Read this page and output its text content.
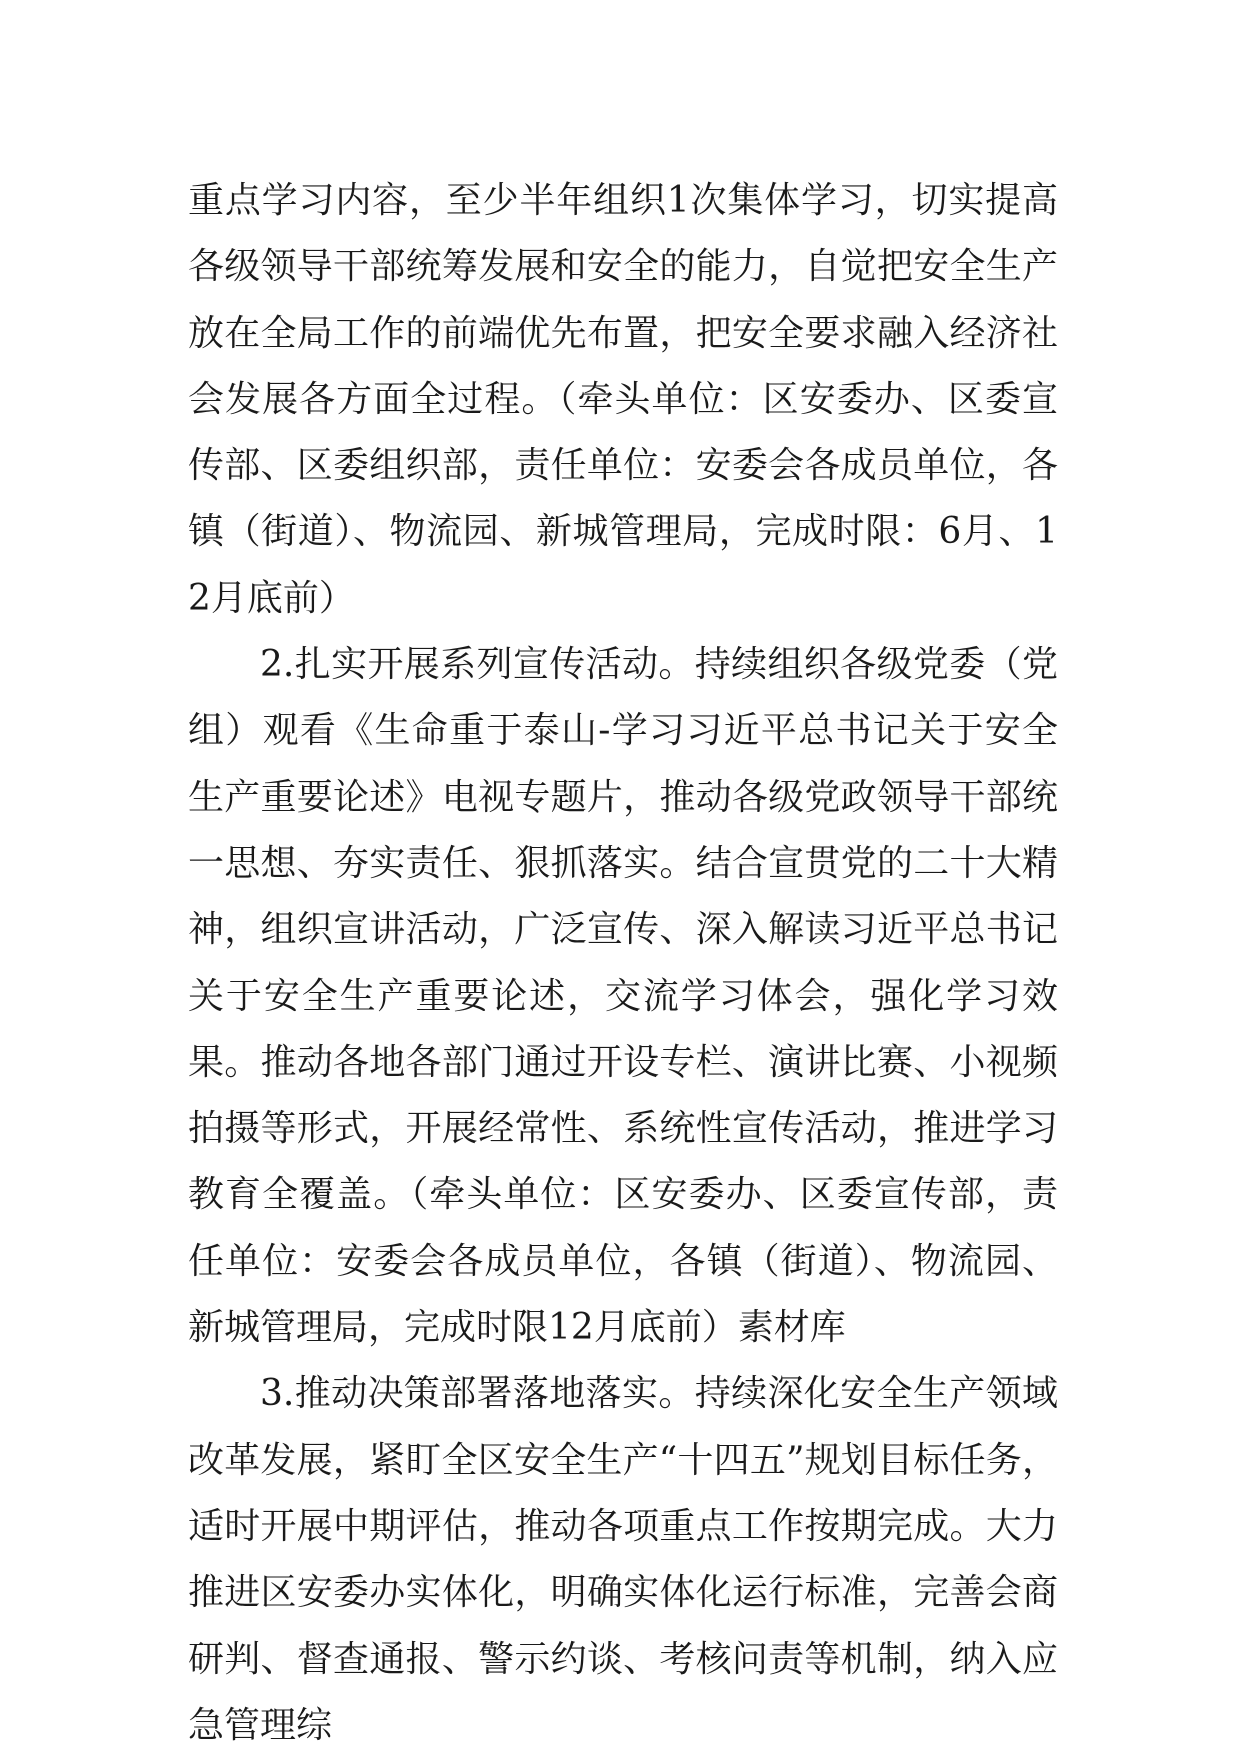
重点学习内容，至少半年组织1次集体学习，切实提高各级领导干部统筹发展和安全的能力，自觉把安全生产放在全局工作的前端优先布置，把安全要求融入经济社会发展各方面全过程。（牵头单位：区安委办、区委宣传部、区委组织部，责任单位：安委会各成员单位，各镇（街道）、物流园、新城管理局，完成时限：6月、12月底前）

2.扎实开展系列宣传活动。持续组织各级党委（党组）观看《生命重于泰山-学习习近平总书记关于安全生产重要论述》电视专题片，推动各级党政领导干部统一思想、夯实责任、狠抓落实。结合宣贯党的二十大精神，组织宣讲活动，广泛宣传、深入解读习近平总书记关于安全生产重要论述，交流学习体会，强化学习效果。推动各地各部门通过开设专栏、演讲比赛、小视频拍摄等形式，开展经常性、系统性宣传活动，推进学习教育全覆盖。（牵头单位：区安委办、区委宣传部，责任单位：安委会各成员单位，各镇（街道）、物流园、新城管理局，完成时限12月底前）素材库

3.推动决策部署落地落实。持续深化安全生产领域改革发展，紧盯全区安全生产“十四五”规划目标任务，适时开展中期评估，推动各项重点工作按期完成。大力推进区安委办实体化，明确实体化运行标准，完善会商研判、督查通报、警示约谈、考核问责等机制，纳入应急管理综
